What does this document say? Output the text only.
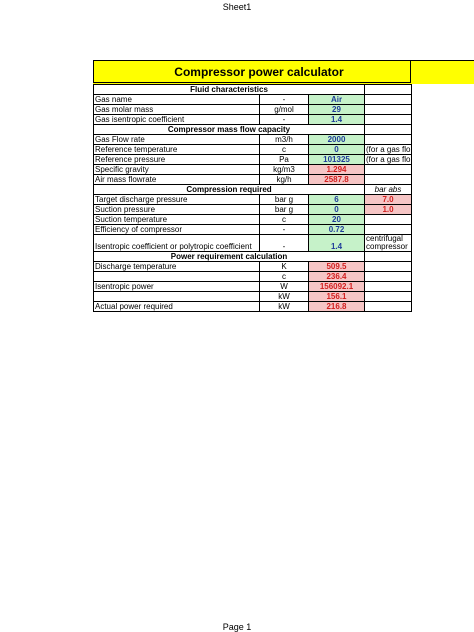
Sheet1
Compressor power calculator
Fluid characteristics			
Gas name	-	Air	
Gas molar mass	g/mol	29	
Gas isentropic coefficient	-	1.4	
Compressor mass flow capacity			
Gas Flow rate	m3/h	2000	
Reference temperature	c	0	(for a gas flo
Reference pressure	Pa	101325	(for a gas flo
Specific gravity	kg/m3	1.294	
Air mass flowrate	kg/h	2587.8	
Compression required			bar abs
Target discharge pressure	bar g	6	7.0
Suction pressure	bar g	0	1.0
Suction temperature	c	20	
Efficiency of compressor	-	0.72	
Isentropic coefficient or polytropic coefficient	-	1.4	centrifugal
compressor

Power requirement calculation			
Discharge temperature	K	509.5	
	c	236.4	
Isentropic power	W	156092.1	
	kW	156.1	
Actual power required	kW	216.8	
Page 1
